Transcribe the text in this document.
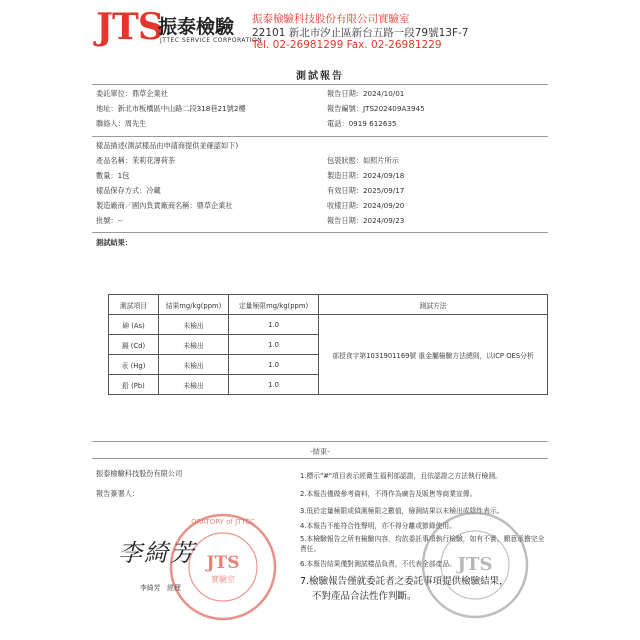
JTS
振泰檢驗
JTTEC SERVICE CORPORATION
振泰檢驗科技股份有限公司實驗室
22101 新北市汐止區新台五路一段79號13F-7
Tel. 02-26981299 Fax. 02-26981229
測試報告
委託單位：鼎草企業社
地址：新北市板橋區中山路二段318巷21號2樓
聯絡人：周先生
報告日期：2024/10/01
報告編號：JTS202409A3945
電話：0919 612635
樣品描述(測試樣品由申請商提供並確認如下)
產品名稱：茉莉花薄荷茶
數量：1包
樣品保存方式：冷藏
製造廠商／國內負責廠商名稱：鼎草企業社
批號：--
包裝狀態：如照片所示
製造日期：2024/09/18
有效日期：2025/09/17
收樣日期：2024/09/20
報告日期：2024/09/23
測試結果：
測試項目	結果mg/kg(ppm)	定量極限mg/kg(ppm)	測試方法
砷 (As)	未檢出	1.0	部授食字第1031901169號 重金屬檢驗方法總則，以ICP OES分析
鎘 (Cd)	未檢出	1.0	
汞 (Hg)	未檢出	1.0	
鉛 (Pb)	未檢出	1.0	
-結束-
振泰檢驗科技股份有限公司
報告簽署人：
ORATORY of JTTEC
JTS
實驗室
李綺芳
李綺芳　經理
1.標示"#"項目表示經衛生福利部認證，且依認證之方法執行檢測。
2.本報告僅做參考資料，不得作為廣告及販售等商業宣傳。
3.低於定量極限或偵測極限之數值，檢測結果以未檢出或陰性表示。
4.本報告不能符合性聲明，亦不得分離或節錄使用。
5.本檢驗報告之所有檢驗內容，均依委託事項執行檢驗，如有不實，願意承擔完全責任。
6.本報告結果僅對測試樣品負責，不代表全部產品。
7.檢驗報告僅就委託者之委託事項提供檢驗結果，
不對產品合法性作判斷。
JTS
